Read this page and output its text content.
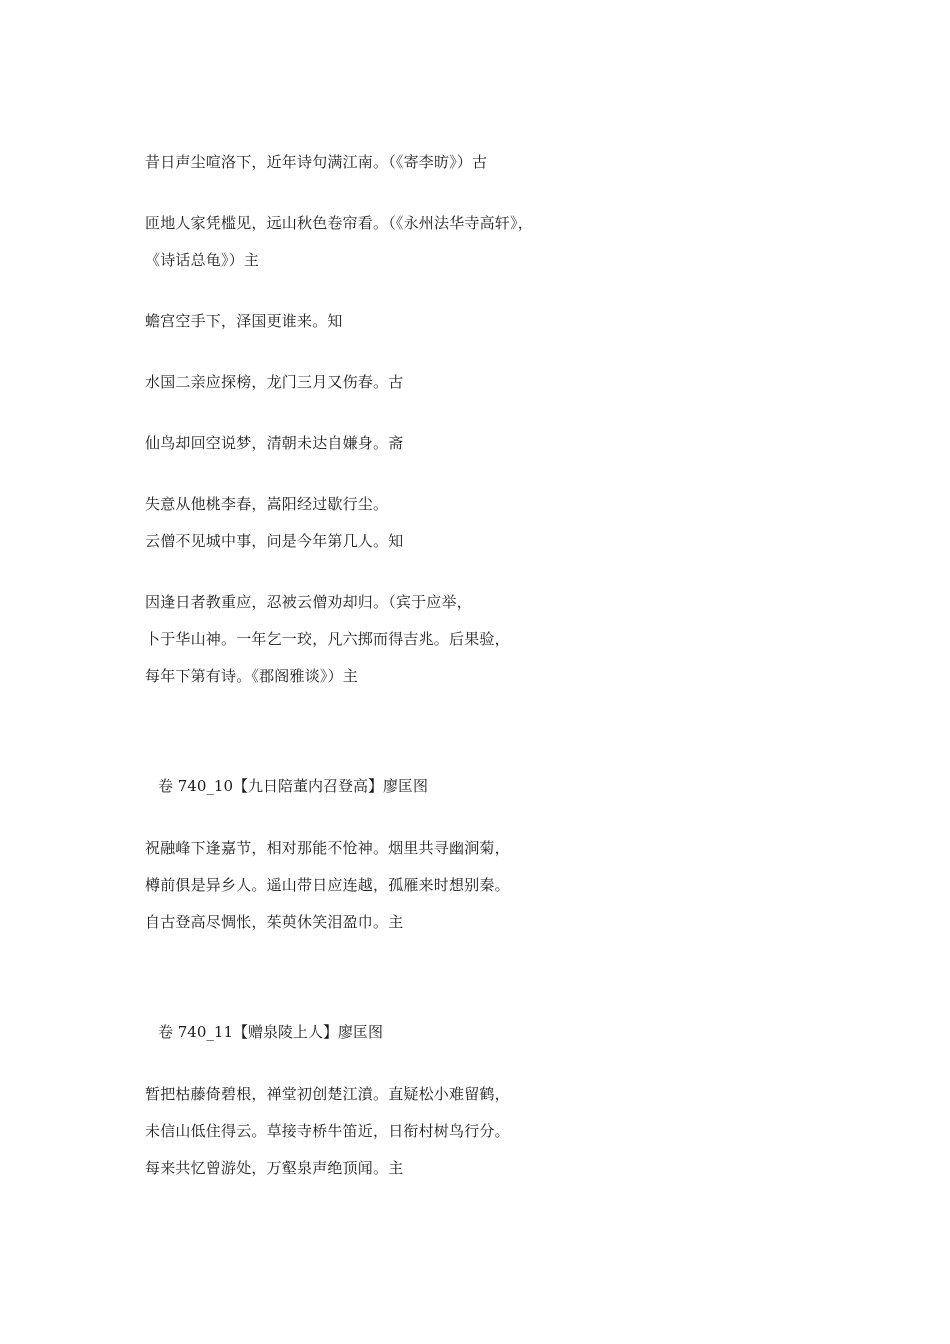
昔日声尘喧洛下，近年诗句满江南。（《寄李昉》）古
匝地人家凭槛见，远山秋色卷帘看。（《永州法华寺高轩》，
《诗话总龟》）主
蟾宫空手下，泽国更谁来。知
水国二亲应探榜，龙门三月又伤春。古
仙鸟却回空说梦，清朝未达自嫌身。斋
失意从他桃李春，嵩阳经过歇行尘。
云僧不见城中事，问是今年第几人。知
因逢日者教重应，忍被云僧劝却归。（宾于应举，
卜于华山神。一年乞一珓，凡六掷而得吉兆。后果验，
每年下第有诗。《郡阁雅谈》）主
卷 740_10【九日陪董内召登高】廖匡图
祝融峰下逢嘉节，相对那能不怆神。烟里共寻幽涧菊，
樽前俱是异乡人。遥山带日应连越，孤雁来时想别秦。
自古登高尽惆怅，茱萸休笑泪盈巾。主
卷 740_11【赠泉陵上人】廖匡图
暂把枯藤倚碧根，禅堂初创楚江濆。直疑松小难留鹤，
未信山低住得云。草接寺桥牛笛近，日衔村树鸟行分。
每来共忆曾游处，万壑泉声绝顶闻。主
